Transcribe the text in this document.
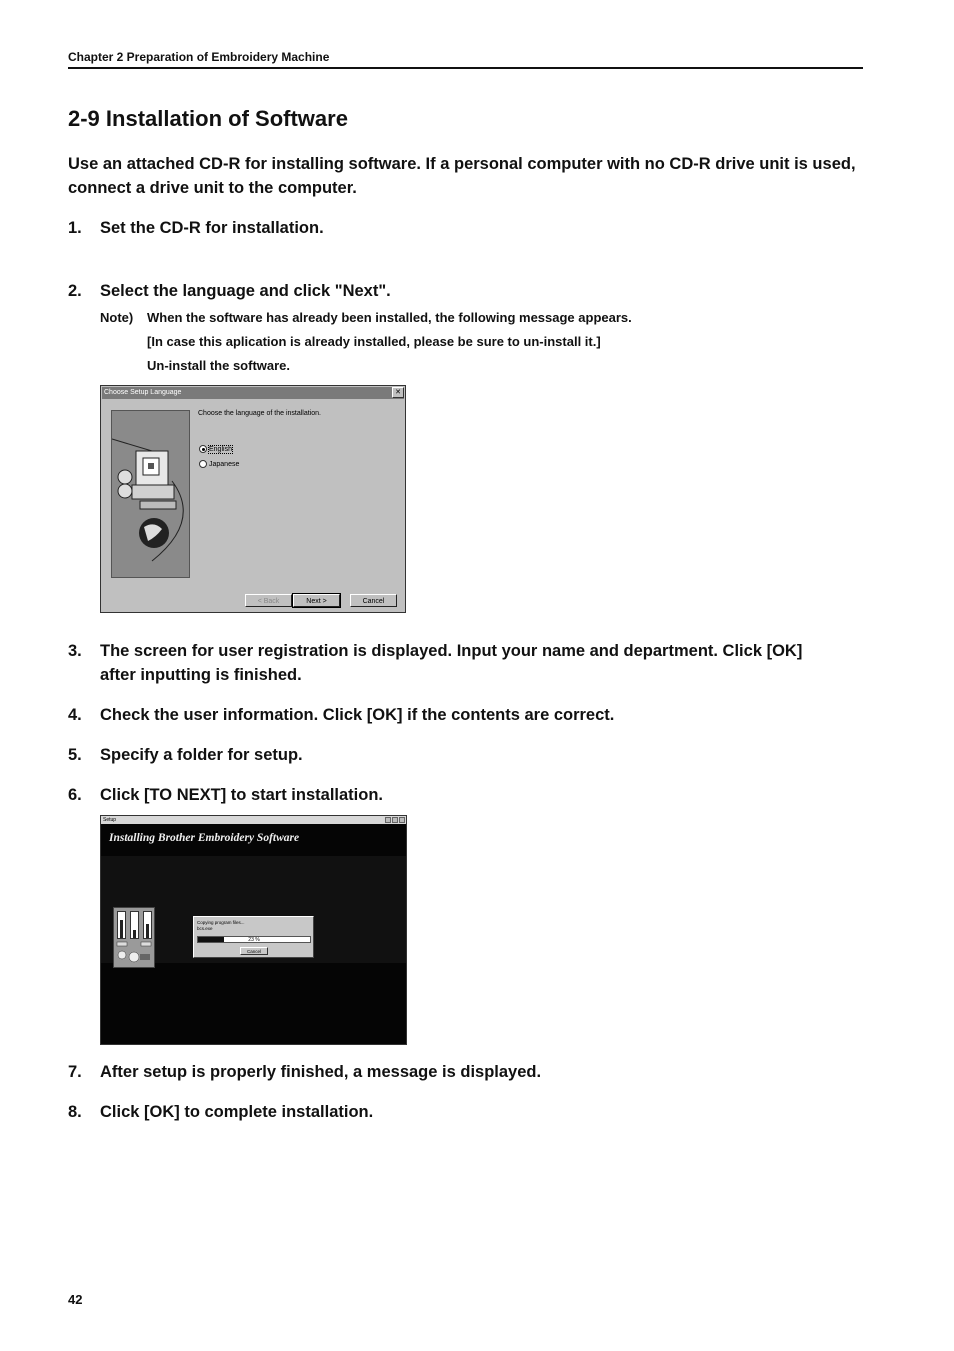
Chapter 2 Preparation of Embroidery Machine
2-9 Installation of Software
Use an attached CD-R for installing software. If a personal computer with no CD-R drive unit is used, connect a drive unit to the computer.
1. Set the CD-R for installation.
2. Select the language and click "Next".
Note) When the software has already been installed, the following message appears.
[In case this aplication is already installed, please be sure to un-install it.]
Un-install the software.
Choose Setup Language	✕
Choose the language of the installation.
English
Japanese
< Back	Next >	Cancel
3. The screen for user registration is displayed. Input your name and department. Click [OK]
after inputting is finished.
4. Check the user information. Click [OK] if the contents are correct.
5. Specify a folder for setup.
6. Click [TO NEXT] to start installation.
Setup
Installing Brother Embroidery Software
Copying program files...
bcs.exe
23 %
Cancel
7. After setup is properly finished, a message is displayed.
8. Click [OK] to complete installation.
42
